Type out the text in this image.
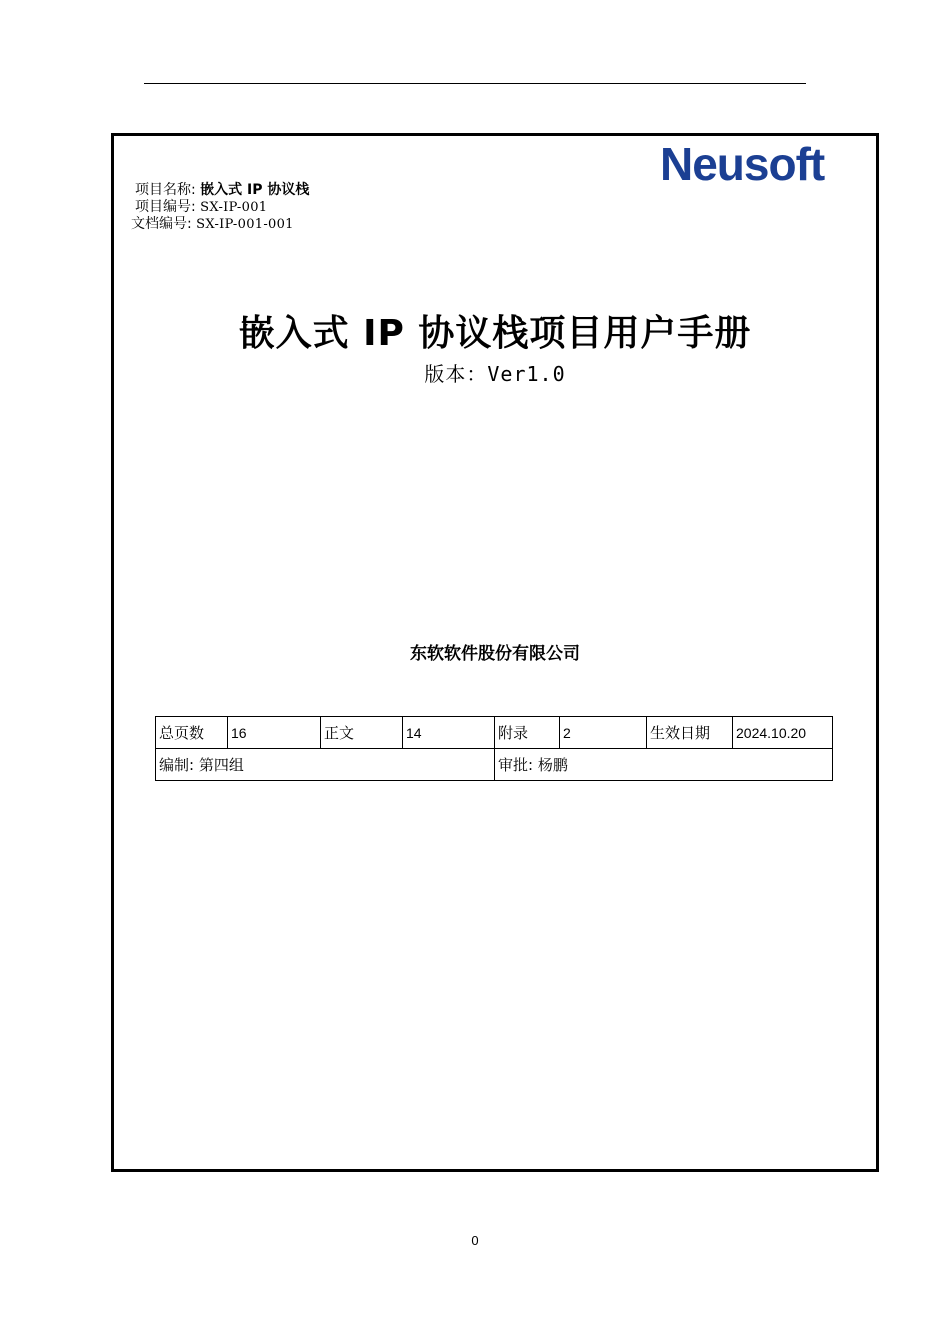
Neusoft
项目名称: 嵌入式 IP 协议栈
项目编号: SX-IP-001
文档编号: SX-IP-001-001
嵌入式 IP 协议栈项目用户手册
版本：Ver1.0
东软软件股份有限公司
总页数	16	正文	14	附录	2	生效日期	2024.10.20
编制: 第四组				审批: 杨鹏			
0
